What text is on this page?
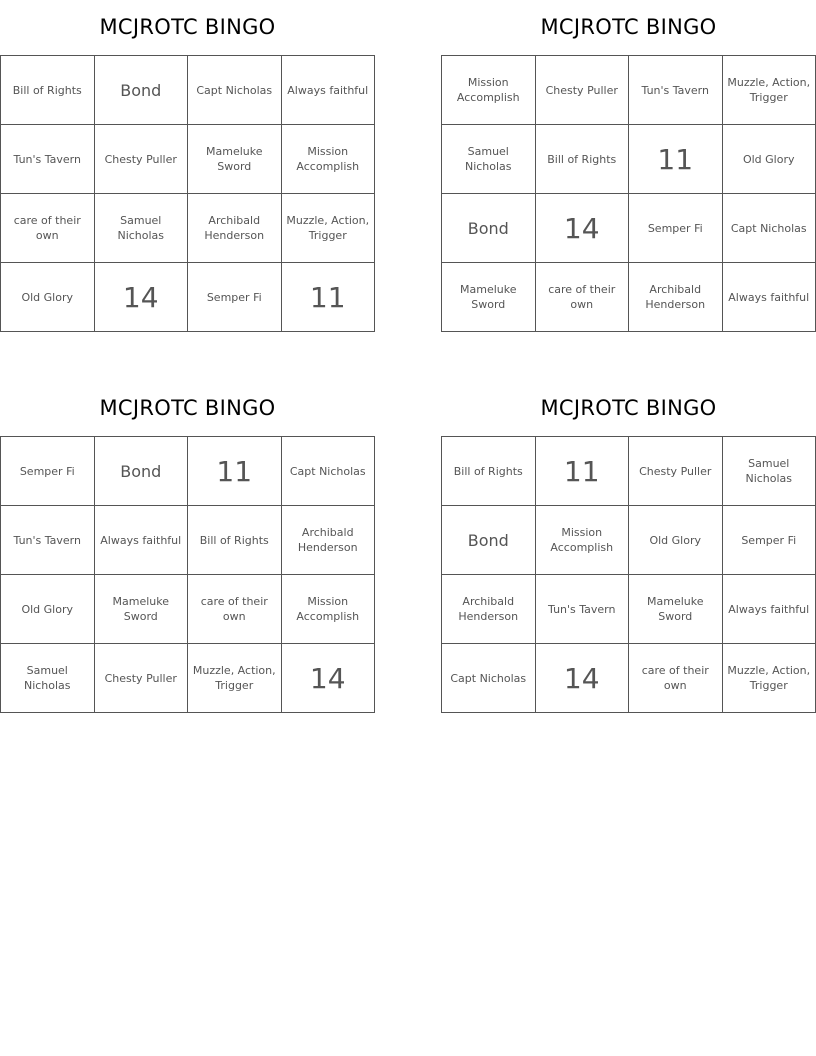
MCJROTC BINGO
Bill of Rights	Bond	Capt Nicholas	Always faithful
Tun's Tavern	Chesty Puller	Mameluke Sword	Mission Accomplish
care of their own	Samuel Nicholas	Archibald Henderson	Muzzle, Action, Trigger
Old Glory	14	Semper Fi	11
MCJROTC BINGO
Mission Accomplish	Chesty Puller	Tun's Tavern	Muzzle, Action, Trigger
Samuel Nicholas	Bill of Rights	11	Old Glory
Bond	14	Semper Fi	Capt Nicholas
Mameluke Sword	care of their own	Archibald Henderson	Always faithful
MCJROTC BINGO
Semper Fi	Bond	11	Capt Nicholas
Tun's Tavern	Always faithful	Bill of Rights	Archibald Henderson
Old Glory	Mameluke Sword	care of their own	Mission Accomplish
Samuel Nicholas	Chesty Puller	Muzzle, Action, Trigger	14
MCJROTC BINGO
Bill of Rights	11	Chesty Puller	Samuel Nicholas
Bond	Mission Accomplish	Old Glory	Semper Fi
Archibald Henderson	Tun's Tavern	Mameluke Sword	Always faithful
Capt Nicholas	14	care of their own	Muzzle, Action, Trigger
